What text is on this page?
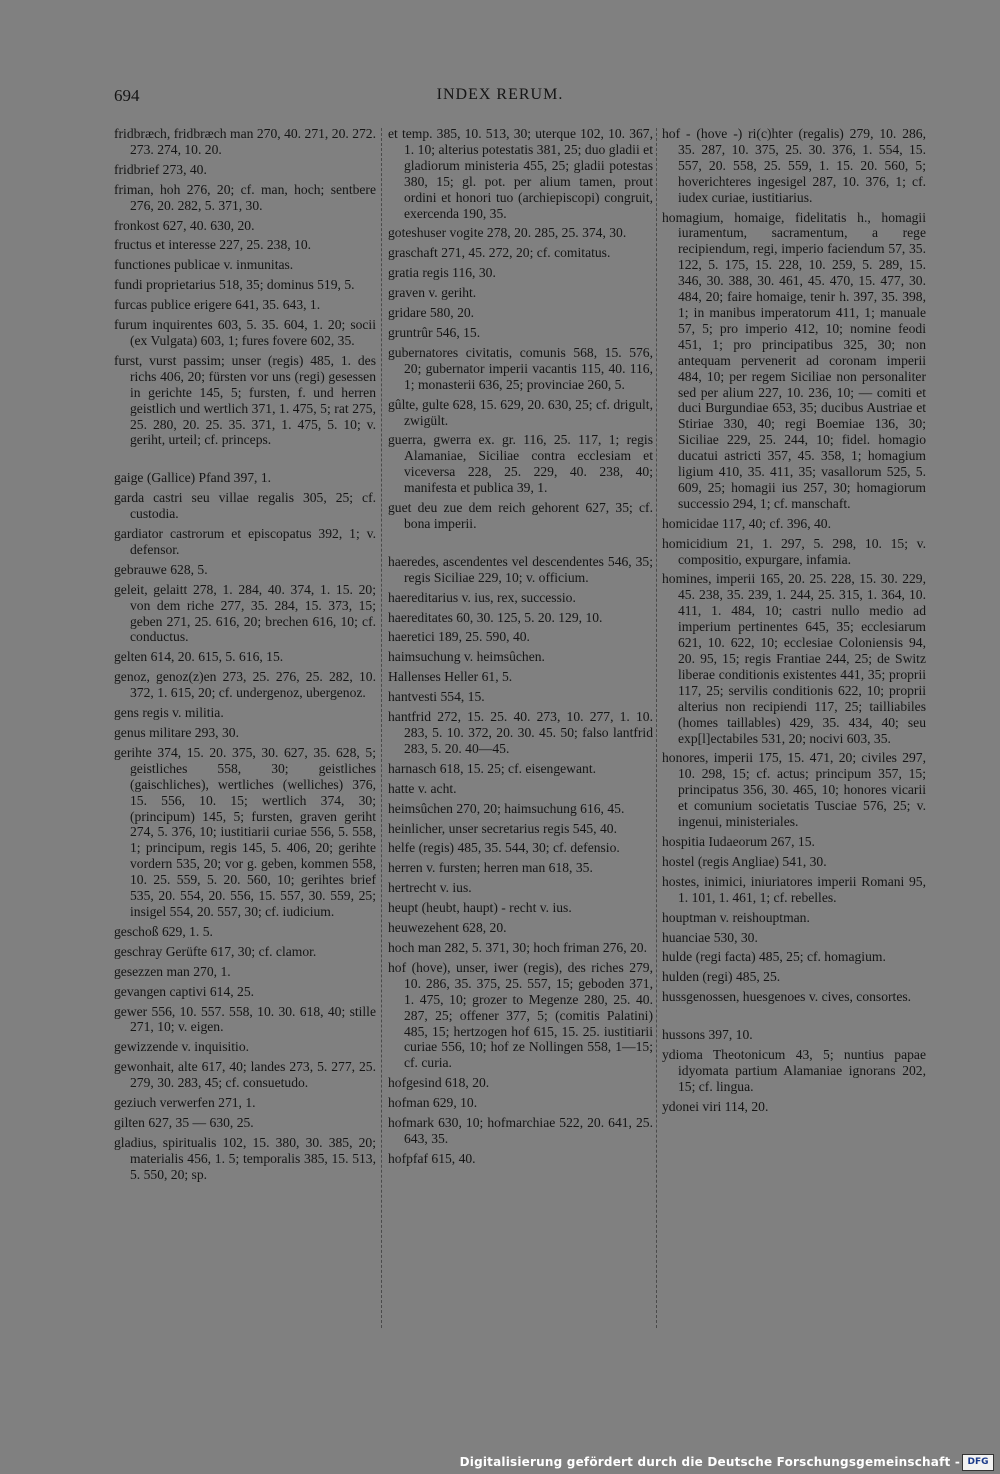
694	INDEX RERUM.
fridbræch, fridbræch man 270, 40. 271, 20. 272. 273. 274, 10. 20.
fridbrief 273, 40.
friman, hoh 276, 20; cf. man, hoch; sentbere 276, 20. 282, 5. 371, 30.
fronkost 627, 40. 630, 20.
fructus et interesse 227, 25. 238, 10.
functiones publicae v. inmunitas.
fundi proprietarius 518, 35; dominus 519, 5.
furcas publice erigere 641, 35. 643, 1.
furum inquirentes 603, 5. 35. 604, 1. 20; socii (ex Vulgata) 603, 1; fures fovere 602, 35.
furst, vurst passim; unser (regis) 485, 1. des richs 406, 20; fürsten vor uns (regi) gesessen in gerichte 145, 5; fursten, f. und herren geistlich und wertlich 371, 1. 475, 5; rat 275, 25. 280, 20. 25. 35. 371, 1. 475, 5. 10; v. geriht, urteil; cf. princeps.
gaige (Gallice) Pfand 397, 1.
garda castri seu villae regalis 305, 25; cf. custodia.
gardiator castrorum et episcopatus 392, 1; v. defensor.
gebrauwe 628, 5.
geleit, gelaitt 278, 1. 284, 40. 374, 1. 15. 20; von dem riche 277, 35. 284, 15. 373, 15; geben 271, 25. 616, 20; brechen 616, 10; cf. conductus.
gelten 614, 20. 615, 5. 616, 15.
genoz, genoz(z)en 273, 25. 276, 25. 282, 10. 372, 1. 615, 20; cf. undergenoz, ubergenoz.
gens regis v. militia.
genus militare 293, 30.
gerihte 374, 15. 20. 375, 30. 627, 35. 628, 5; geistliches 558, 30; geistliches (gaischliches), wertliches (welliches) 376, 15. 556, 10. 15; wertlich 374, 30; (principum) 145, 5; fursten, graven geriht 274, 5. 376, 10; iustitiarii curiae 556, 5. 558, 1; principum, regis 145, 5. 406, 20; gerihte vordern 535, 20; vor g. geben, kommen 558, 10. 25. 559, 5. 20. 560, 10; gerihtes brief 535, 20. 554, 20. 556, 15. 557, 30. 559, 25; insigel 554, 20. 557, 30; cf. iudicium.
geschoß 629, 1. 5.
geschray Gerüfte 617, 30; cf. clamor.
gesezzen man 270, 1.
gevangen captivi 614, 25.
gewer 556, 10. 557. 558, 10. 30. 618, 40; stille 271, 10; v. eigen.
gewizzende v. inquisitio.
gewonhait, alte 617, 40; landes 273, 5. 277, 25. 279, 30. 283, 45; cf. consuetudo.
geziuch verwerfen 271, 1.
gilten 627, 35 — 630, 25.
gladius, spiritualis 102, 15. 380, 30. 385, 20; materialis 456, 1. 5; temporalis 385, 15. 513, 5. 550, 20; sp.
et temp. 385, 10. 513, 30; uterque 102, 10. 367, 1. 10; alterius potestatis 381, 25; duo gladii et gladiorum ministeria 455, 25; gladii potestas 380, 15; gl. pot. per alium tamen, prout ordini et honori tuo (archiepiscopi) congruit, exercenda 190, 35.
goteshuser vogite 278, 20. 285, 25. 374, 30.
graschaft 271, 45. 272, 20; cf. comitatus.
gratia regis 116, 30.
graven v. geriht.
gridare 580, 20.
gruntrûr 546, 15.
gubernatores civitatis, comunis 568, 15. 576, 20; gubernator imperii vacantis 115, 40. 116, 1; monasterii 636, 25; provinciae 260, 5.
gûlte, gulte 628, 15. 629, 20. 630, 25; cf. drigult, zwigült.
guerra, gwerra ex. gr. 116, 25. 117, 1; regis Alamaniae, Siciliae contra ecclesiam et viceversa 228, 25. 229, 40. 238, 40; manifesta et publica 39, 1.
guet deu zue dem reich gehorent 627, 35; cf. bona imperii.
haeredes, ascendentes vel descendentes 546, 35; regis Siciliae 229, 10; v. officium.
haereditarius v. ius, rex, successio.
haereditates 60, 30. 125, 5. 20. 129, 10.
haeretici 189, 25. 590, 40.
haimsuchung v. heimsûchen.
Hallenses Heller 61, 5.
hantvesti 554, 15.
hantfrid 272, 15. 25. 40. 273, 10. 277, 1. 10. 283, 5. 10. 372, 20. 30. 45. 50; falso lantfrid 283, 5. 20. 40—45.
harnasch 618, 15. 25; cf. eisengewant.
hatte v. acht.
heimsûchen 270, 20; haimsuchung 616, 45.
heinlicher, unser secretarius regis 545, 40.
helfe (regis) 485, 35. 544, 30; cf. defensio.
herren v. fursten; herren man 618, 35.
hertrecht v. ius.
heupt (heubt, haupt) - recht v. ius.
heuwezehent 628, 20.
hoch man 282, 5. 371, 30; hoch friman 276, 20.
hof (hove), unser, iwer (regis), des riches 279, 10. 286, 35. 375, 25. 557, 15; geboden 371, 1. 475, 10; grozer to Megenze 280, 25. 40. 287, 25; offener 377, 5; (comitis Palatini) 485, 15; hertzogen hof 615, 15. 25. iustitiarii curiae 556, 10; hof ze Nollingen 558, 1—15; cf. curia.
hofgesind 618, 20.
hofman 629, 10.
hofmark 630, 10; hofmarchiae 522, 20. 641, 25. 643, 35.
hofpfaf 615, 40.
hof - (hove -) ri(c)hter (regalis) 279, 10. 286, 35. 287, 10. 375, 25. 30. 376, 1. 554, 15. 557, 20. 558, 25. 559, 1. 15. 20. 560, 5; hoverichteres ingesigel 287, 10. 376, 1; cf. iudex curiae, iustitiarius.
homagium, homaige, fidelitatis h., homagii iuramentum, sacramentum, a rege recipiendum, regi, imperio faciendum 57, 35. 122, 5. 175, 15. 228, 10. 259, 5. 289, 15. 346, 30. 388, 30. 461, 45. 470, 15. 477, 30. 484, 20; faire homaige, tenir h. 397, 35. 398, 1; in manibus imperatorum 411, 1; manuale 57, 5; pro imperio 412, 10; nomine feodi 451, 1; pro principatibus 325, 30; non antequam pervenerit ad coronam imperii 484, 10; per regem Siciliae non personaliter sed per alium 227, 10. 236, 10; — comiti et duci Burgundiae 653, 35; ducibus Austriae et Stiriae 330, 40; regi Boemiae 136, 30; Siciliae 229, 25. 244, 10; fidel. homagio ducatui astricti 357, 45. 358, 1; homagium ligium 410, 35. 411, 35; vasallorum 525, 5. 609, 25; homagii ius 257, 30; homagiorum successio 294, 1; cf. manschaft.
homicidae 117, 40; cf. 396, 40.
homicidium 21, 1. 297, 5. 298, 10. 15; v. compositio, expurgare, infamia.
homines, imperii 165, 20. 25. 228, 15. 30. 229, 45. 238, 35. 239, 1. 244, 25. 315, 1. 364, 10. 411, 1. 484, 10; castri nullo medio ad imperium pertinentes 645, 35; ecclesiarum 621, 10. 622, 10; ecclesiae Coloniensis 94, 20. 95, 15; regis Frantiae 244, 25; de Switz liberae conditionis existentes 441, 35; proprii 117, 25; servilis conditionis 622, 10; proprii alterius non recipiendi 117, 25; tailliabiles (homes taillables) 429, 35. 434, 40; seu exp[l]ectabiles 531, 20; nocivi 603, 35.
honores, imperii 175, 15. 471, 20; civiles 297, 10. 298, 15; cf. actus; principum 357, 15; principatus 356, 30. 465, 10; honores vicarii et comunium societatis Tusciae 576, 25; v. ingenui, ministeriales.
hospitia Iudaeorum 267, 15.
hostel (regis Angliae) 541, 30.
hostes, inimici, iniuriatores imperii Romani 95, 1. 101, 1. 461, 1; cf. rebelles.
houptman v. reishouptman.
huanciae 530, 30.
hulde (regi facta) 485, 25; cf. homagium.
hulden (regi) 485, 25.
hussgenossen, huesgenoes v. cives, consortes.
hussons 397, 10.
ydioma Theotonicum 43, 5; nuntius papae idyomata partium Alamaniae ignorans 202, 15; cf. lingua.
ydonei viri 114, 20.
Digitalisierung gefördert durch die Deutsche Forschungsgemeinschaft - DFG
